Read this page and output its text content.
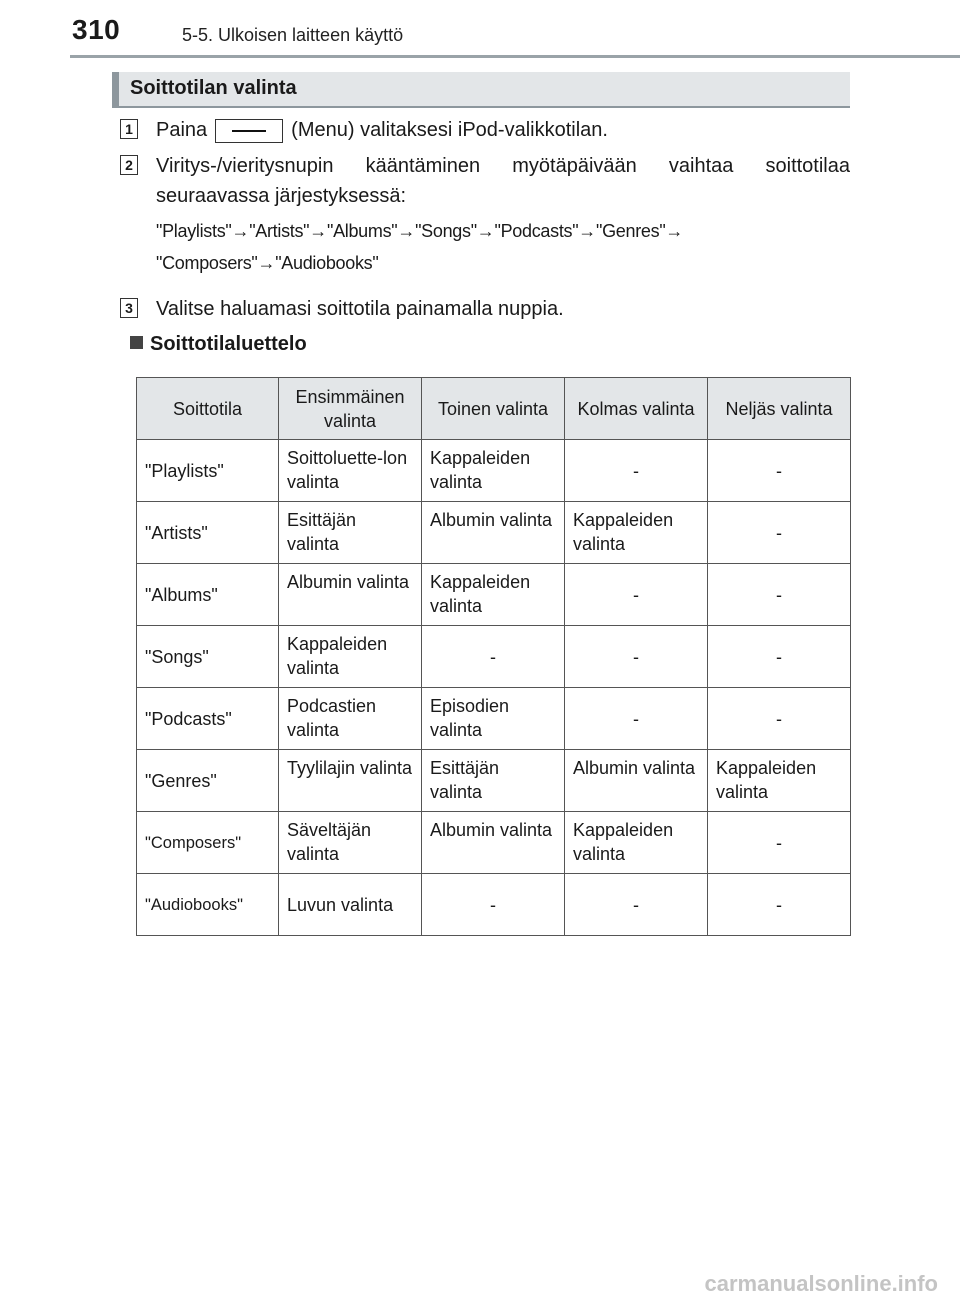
310	5-5. Ulkoisen laitteen käyttö
Soittotilan valinta
1 Paina	(Menu) valitaksesi iPod-valikkotilan.
2 Viritys-/vieritysnupin kääntäminen myötäpäivään vaihtaa soittotilaa seuraavassa järjestyksessä:
"Playlists"→"Artists"→"Albums"→"Songs"→"Podcasts"→"Genres"→
"Composers"→"Audiobooks"
3 Valitse haluamasi soittotila painamalla nuppia.
Soittotilaluettelo
Soittotila	Ensimmäinen valinta	Toinen valinta	Kolmas valinta	Neljäs valinta
"Playlists"	Soittoluette-lon valinta	Kappaleiden valinta	-	-
"Artists"	Esittäjän valinta	Albumin valinta	Kappaleiden valinta	-
"Albums"	Albumin valinta	Kappaleiden valinta	-	-
"Songs"	Kappaleiden valinta	-	-	-
"Podcasts"	Podcastien valinta	Episodien valinta	-	-
"Genres"	Tyylilajin valinta	Esittäjän valinta	Albumin valinta	Kappaleiden valinta
"Composers"	Säveltäjän valinta	Albumin valinta	Kappaleiden valinta	-
"Audiobooks"	Luvun valinta	-	-	-
carmanualsonline.info
